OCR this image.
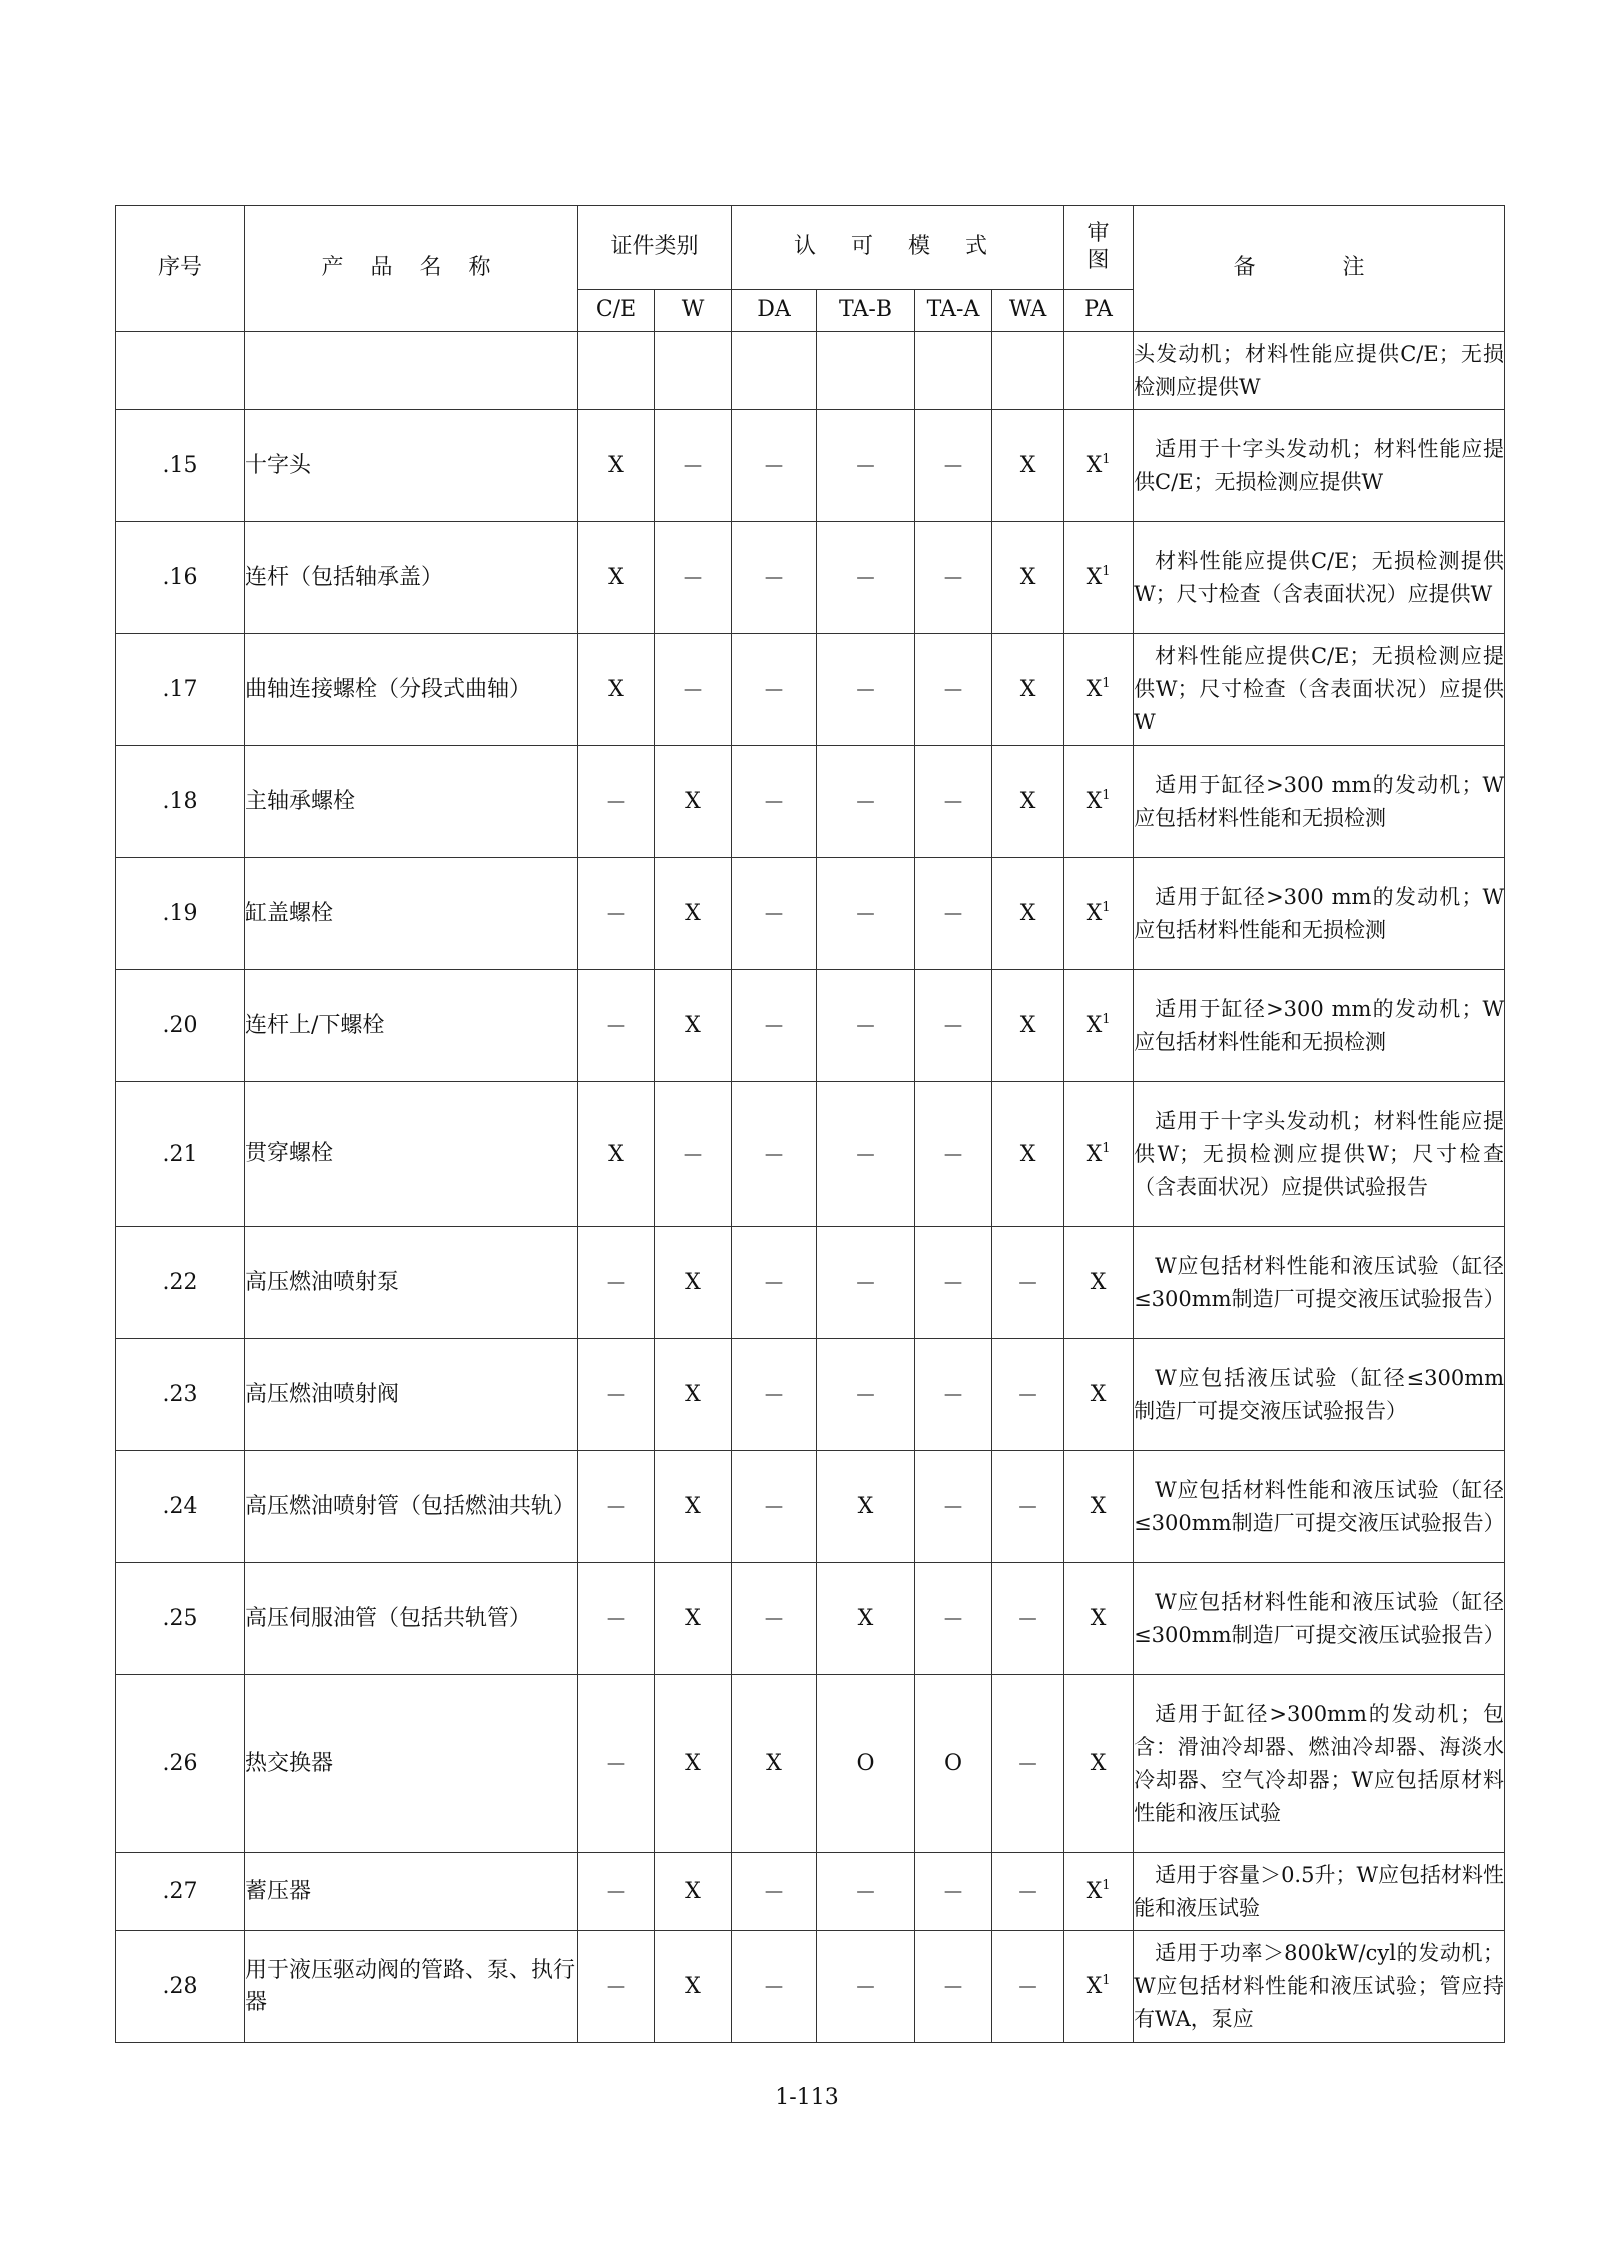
序号	产 品 名 称	证件类别		认 可 模 式				审图	备 注
		C/E	W	DA	TA-B	TA-A	WA	PA	
									头发动机；材料性能应提供C/E；无损检测应提供W
.15	十字头	X	－	－	－	－	X	$X^1$	适用于十字头发动机；材料性能应提供C/E；无损检测应提供W
.16	连杆（包括轴承盖）	X	－	－	－	－	X	$X^1$	材料性能应提供C/E；无损检测提供W；尺寸检查（含表面状况）应提供W
.17	曲轴连接螺栓（分段式曲轴）	X	－	－	－	－	X	$X^1$	材料性能应提供C/E；无损检测应提供W；尺寸检查（含表面状况）应提供W
.18	主轴承螺栓	－	X	－	－	－	X	$X^1$	适用于缸径>300 mm的发动机；W应包括材料性能和无损检测
.19	缸盖螺栓	－	X	－	－	－	X	$X^1$	适用于缸径>300 mm的发动机；W应包括材料性能和无损检测
.20	连杆上/下螺栓	－	X	－	－	－	X	$X^1$	适用于缸径>300 mm的发动机；W应包括材料性能和无损检测
.21	贯穿螺栓	X	－	－	－	－	X	$X^1$	适用于十字头发动机；材料性能应提供W；无损检测应提供W；尺寸检查（含表面状况）应提供试验报告
.22	高压燃油喷射泵	－	X	－	－	－	－	X	W应包括材料性能和液压试验（缸径≤300mm制造厂可提交液压试验报告）
.23	高压燃油喷射阀	－	X	－	－	－	－	X	W应包括液压试验（缸径≤300mm制造厂可提交液压试验报告）
.24	高压燃油喷射管（包括燃油共轨）	－	X	－	X	－	－	X	W应包括材料性能和液压试验（缸径≤300mm制造厂可提交液压试验报告）
.25	高压伺服油管（包括共轨管）	－	X	－	X	－	－	X	W应包括材料性能和液压试验（缸径≤300mm制造厂可提交液压试验报告）
.26	热交换器	－	X	X	O	O	－	X	适用于缸径>300mm的发动机；包含：滑油冷却器、燃油冷却器、海淡水冷却器、空气冷却器；W应包括原材料性能和液压试验
.27	蓄压器	－	X	－	－	－	－	$X^1$	适用于容量＞0.5升；W应包括材料性能和液压试验
.28	用于液压驱动阀的管路、泵、执行器	－	X	－	－	－	－	$X^1$	适用于功率＞800kW/cyl的发动机；W应包括材料性能和液压试验；管应持有WA，泵应
1-113
